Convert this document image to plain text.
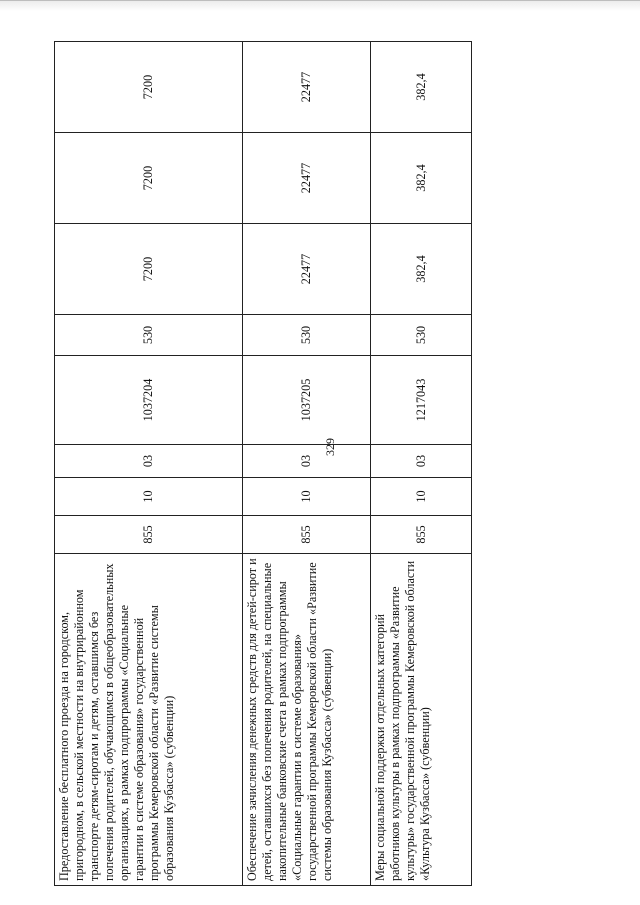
329
Предоставление бесплатного проезда на городском, пригородном, в сельской местности на внутрирайонном транспорте детям-сиротам и детям, оставшимся без попечения родителей, обучающимся в общеобразовательных организациях, в рамках подпрограммы «Социальные гарантии в системе образования» государственной программы Кемеровской области «Развитие системы образования Кузбасса» (субвенции)	855	10	03	1037204	530	7200	7200	7200
Обеспечение зачисления денежных средств для детей-сирот и детей, оставшихся без попечения родителей, на специальные накопительные банковские счета в рамках подпрограммы «Социальные гарантии в системе образования» государственной программы Кемеровской области «Развитие системы образования Кузбасса» (субвенции)	855	10	03	1037205	530	22477	22477	22477
Меры социальной поддержки отдельных категорий работников культуры в рамках подпрограммы «Развитие культуры» государственной программы Кемеровской области «Культура Кузбасса» (субвенции)	855	10	03	1217043	530	382,4	382,4	382,4
